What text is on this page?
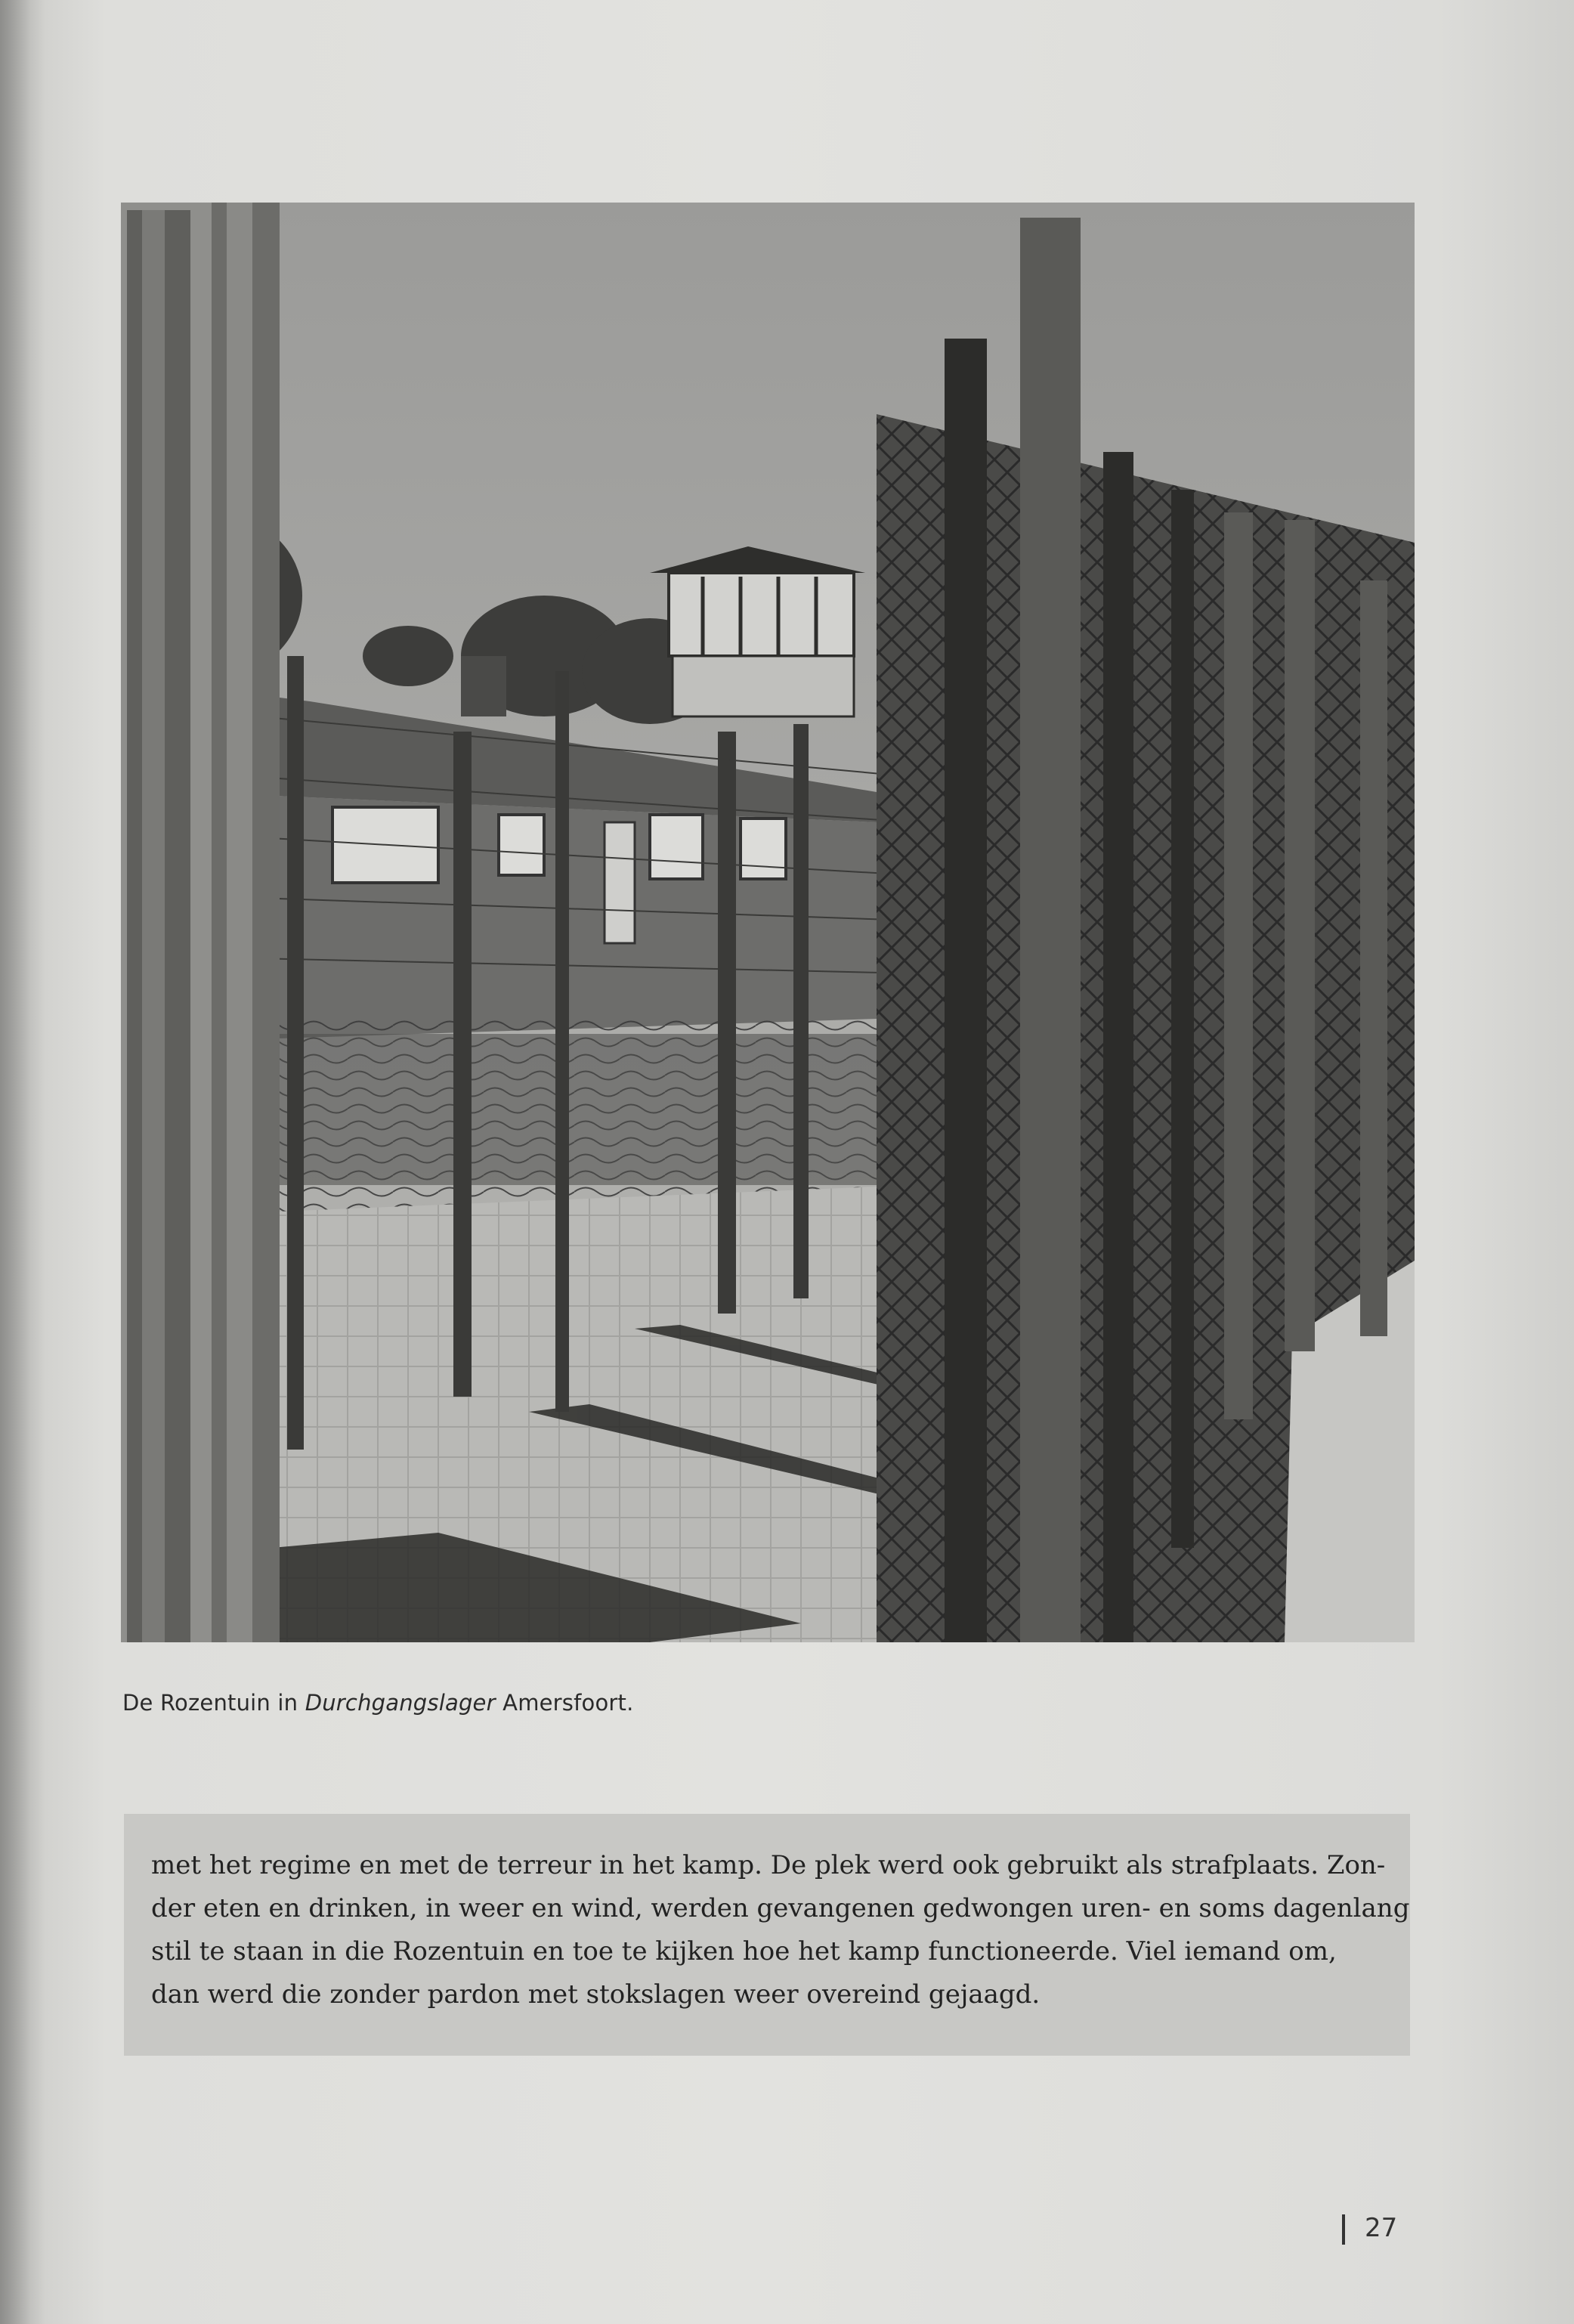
De Rozentuin in Durchgangslager Amersfoort.

met het regime en met de terreur in het kamp. De plek werd ook gebruikt als strafplaats. Zon-
der eten en drinken, in weer en wind, werden gevangenen gedwongen uren- en soms dagenlang
stil te staan in die Rozentuin en toe te kijken hoe het kamp functioneerde. Viel iemand om,
dan werd die zonder pardon met stokslagen weer overeind gejaagd.

27
